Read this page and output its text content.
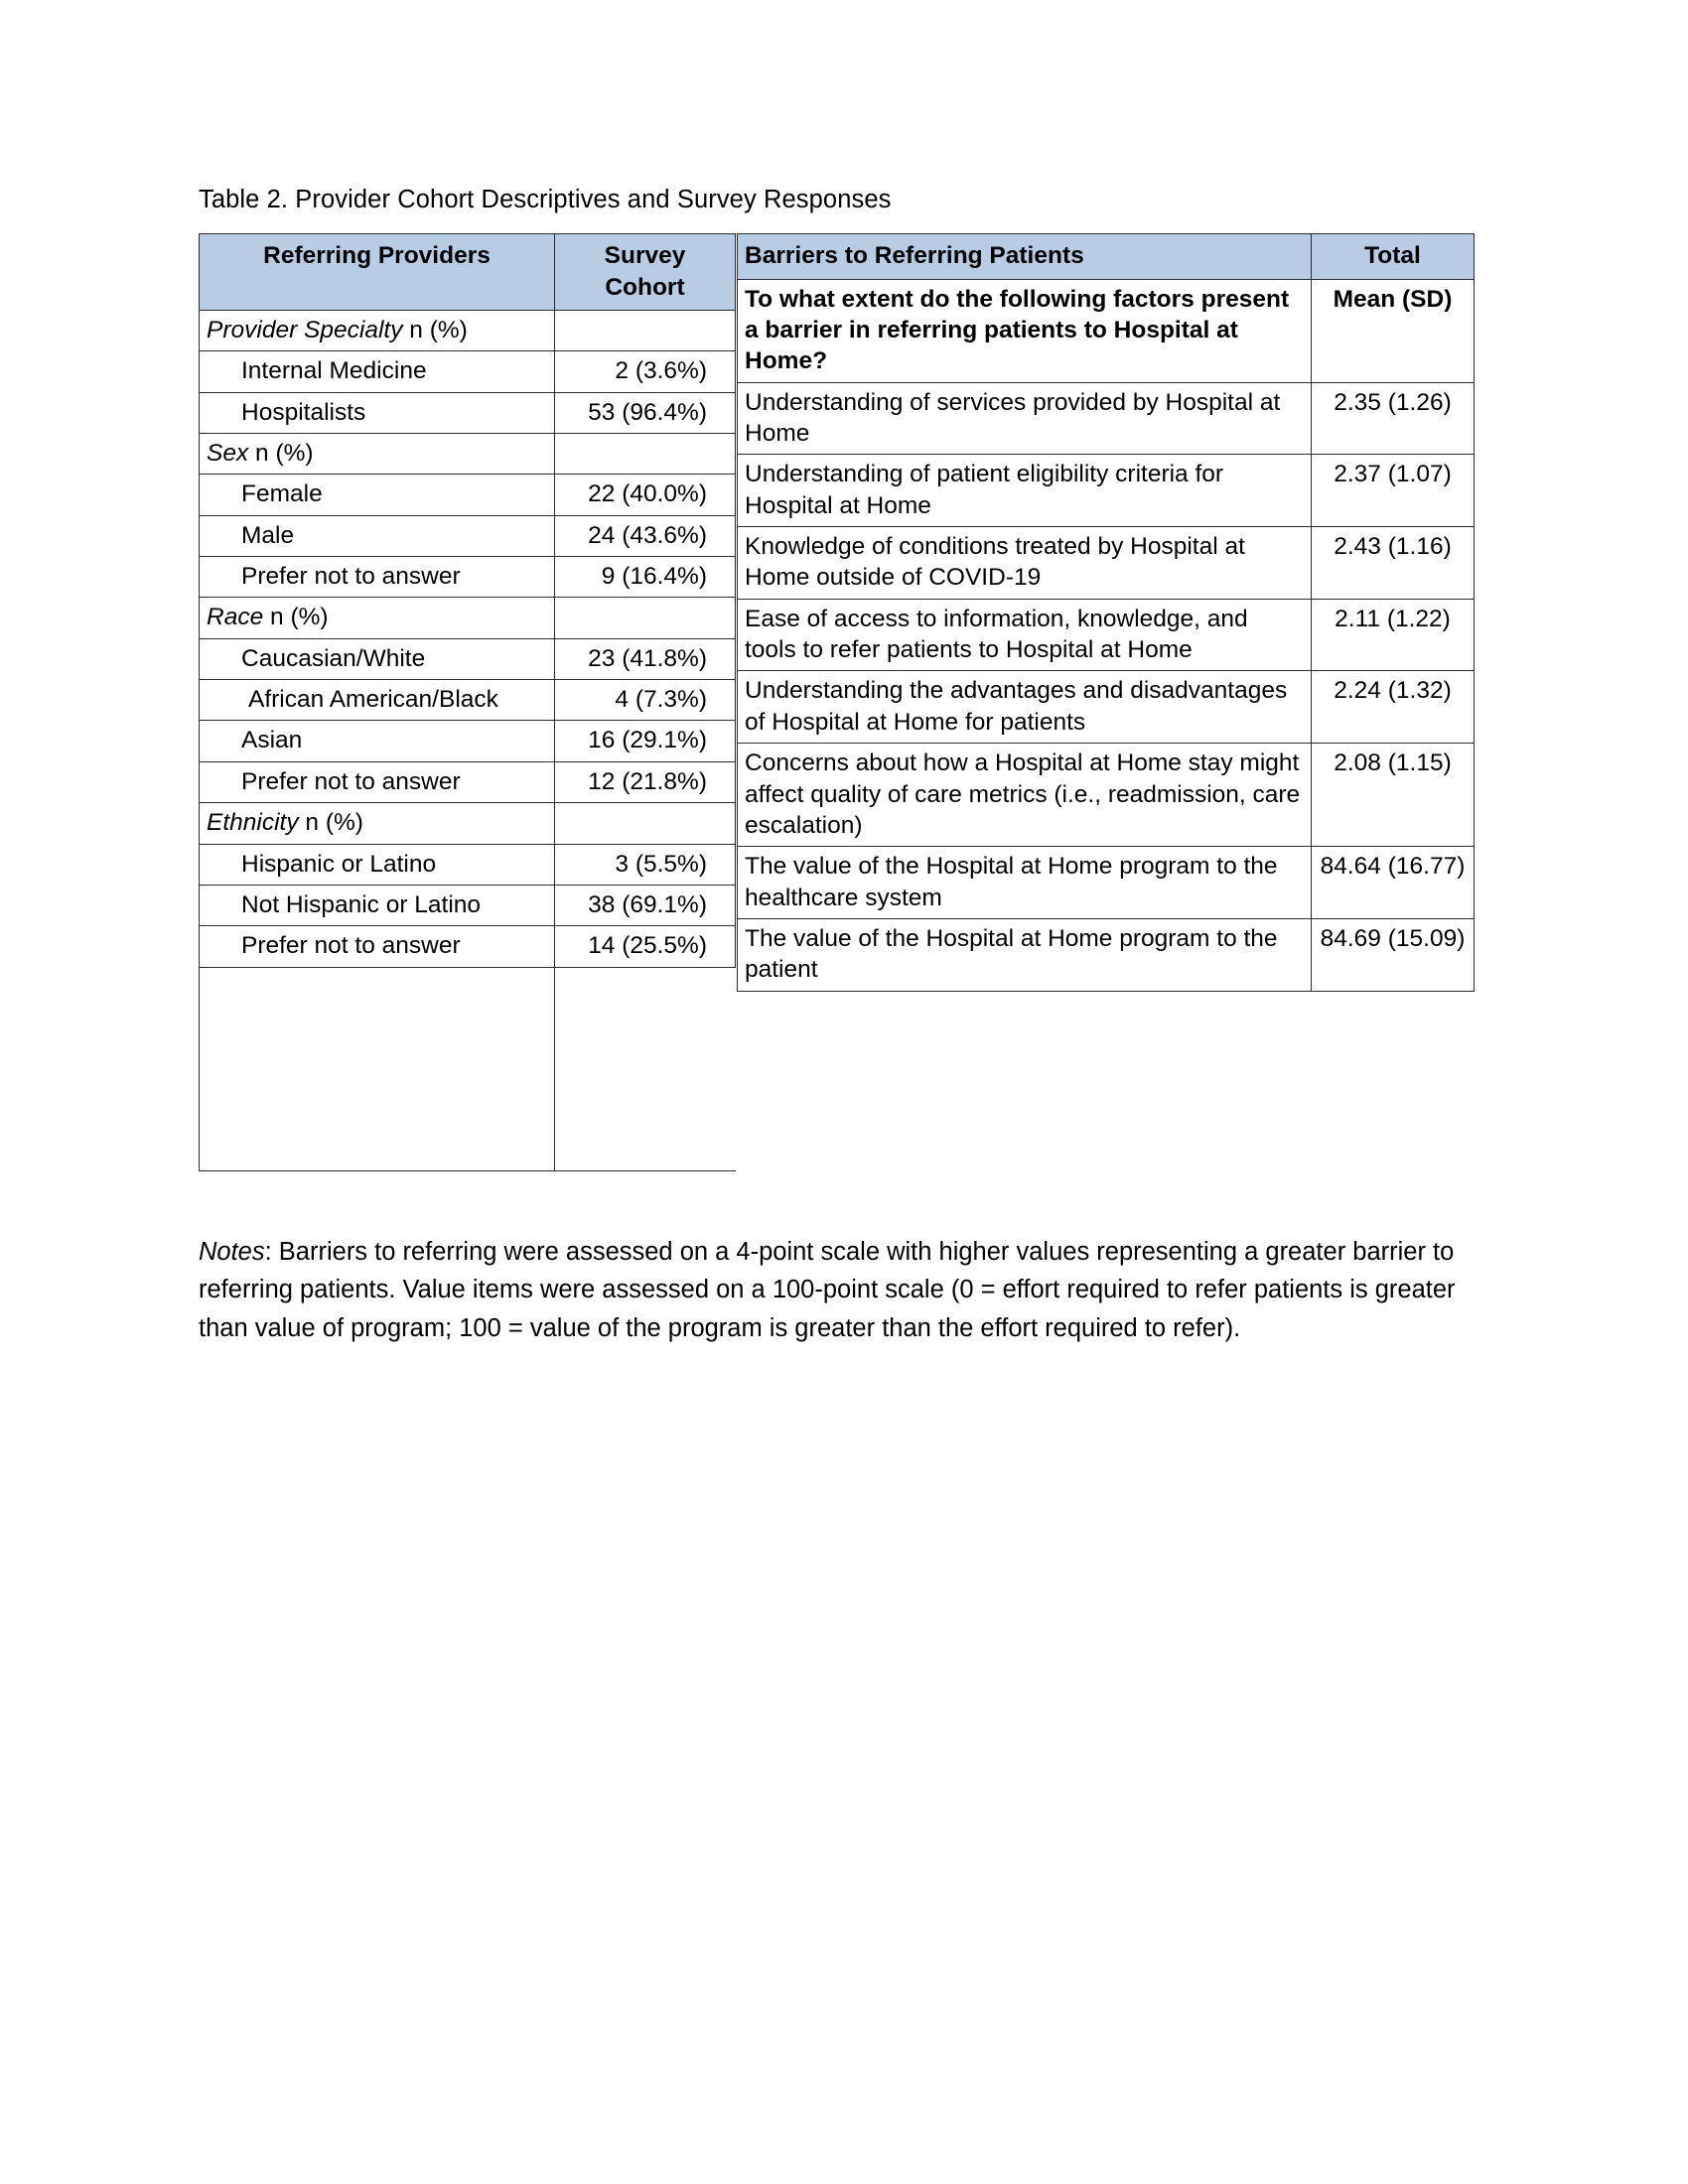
Table 2. Provider Cohort Descriptives and Survey Responses
Referring Providers	Survey Cohort
Provider Specialty n (%)	
Internal Medicine	2 (3.6%)
Hospitalists	53 (96.4%)
Sex n (%)	
Female	22 (40.0%)
Male	24 (43.6%)
Prefer not to answer	9 (16.4%)
Race n (%)	
Caucasian/White	23 (41.8%)
African American/Black	4 (7.3%)
Asian	16 (29.1%)
Prefer not to answer	12 (21.8%)
Ethnicity n (%)	
Hispanic or Latino	3 (5.5%)
Not Hispanic or Latino	38 (69.1%)
Prefer not to answer	14 (25.5%)

Barriers to Referring Patients	Total
To what extent do the following factors present a barrier in referring patients to Hospital at Home?	Mean (SD)
Understanding of services provided by Hospital at Home	2.35 (1.26)
Understanding of patient eligibility criteria for Hospital at Home	2.37 (1.07)
Knowledge of conditions treated by Hospital at Home outside of COVID-19	2.43 (1.16)
Ease of access to information, knowledge, and tools to refer patients to Hospital at Home	2.11 (1.22)
Understanding the advantages and disadvantages of Hospital at Home for patients	2.24 (1.32)
Concerns about how a Hospital at Home stay might affect quality of care metrics (i.e., readmission, care escalation)	2.08 (1.15)
The value of the Hospital at Home program to the healthcare system	84.64 (16.77)
The value of the Hospital at Home program to the patient	84.69 (15.09)
Notes: Barriers to referring were assessed on a 4-point scale with higher values representing a greater barrier to referring patients. Value items were assessed on a 100-point scale (0 = effort required to refer patients is greater than value of program; 100 = value of the program is greater than the effort required to refer).
